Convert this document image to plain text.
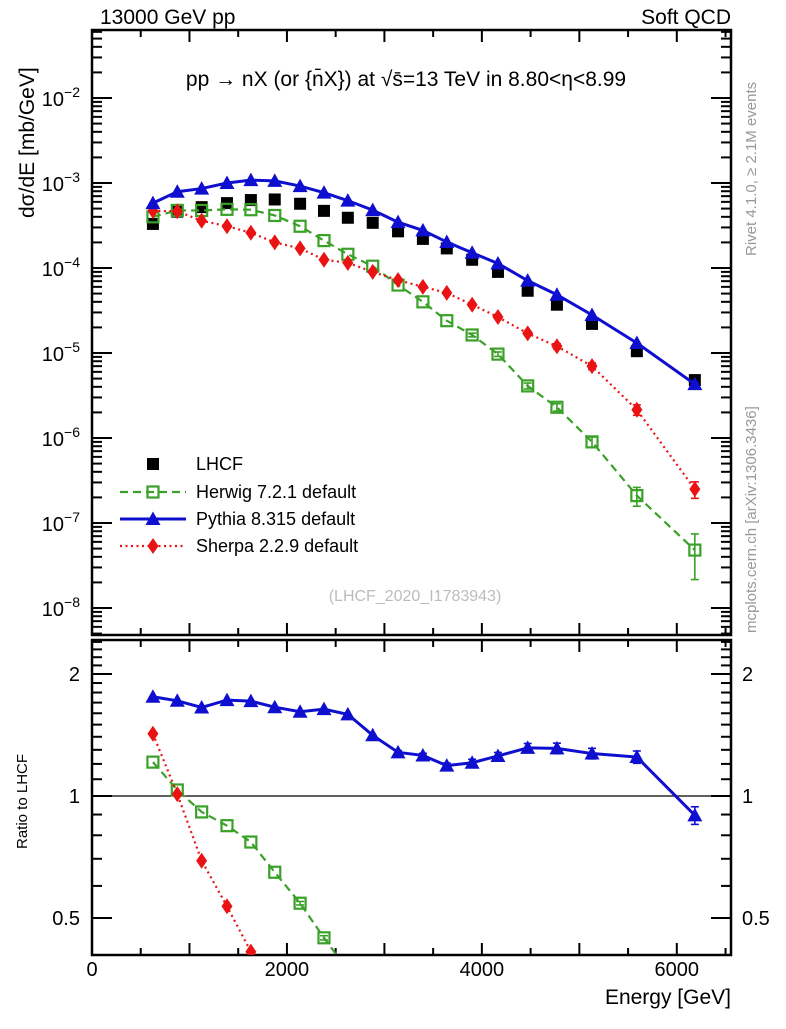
13000 GeV pp	Soft QCD
0	2000	4000	6000
$10^{-8}$
$10^{-7}$
$10^{-6}$
$10^{-5}$
$10^{-4}$
$10^{-3}$
$10^{-2}$
2	2
1	1
0.5	0.5
pp → nX (or {n̄X}) at √s̄=13 TeV in 8.80<η<8.99
(LHCF_2020_I1783943)
LHCF
Herwig 7.2.1 default
Pythia 8.315 default
Sherpa 2.2.9 default
dσ/dE [mb/GeV]
Ratio to LHCF
Energy [GeV]
Rivet 4.1.0, ≥ 2.1M events
mcplots.cern.ch [arXiv:1306.3436]
